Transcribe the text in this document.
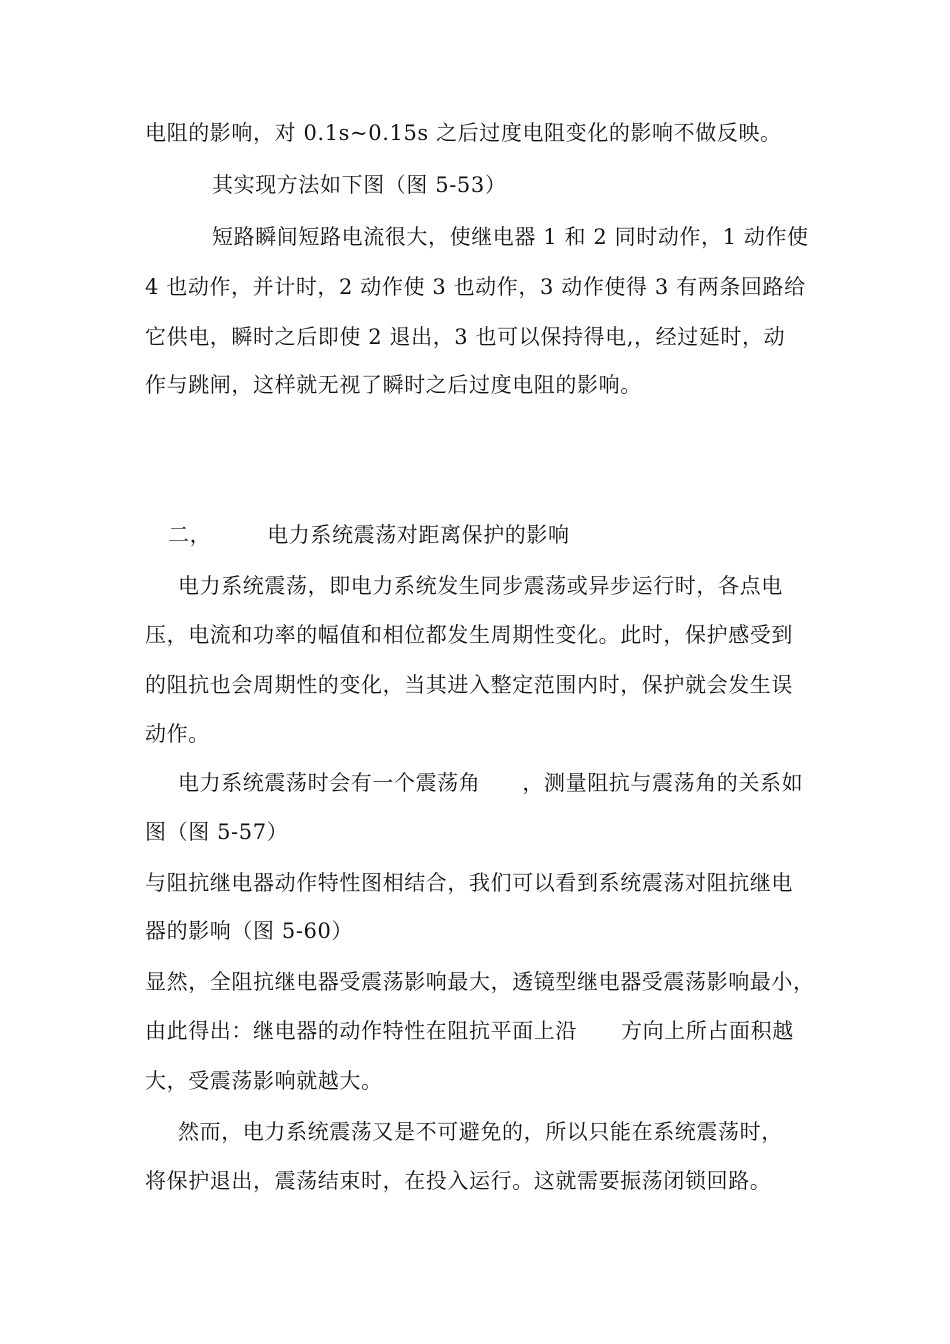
电阻的影响，对 0.1s~0.15s 之后过度电阻变化的影响不做反映。
其实现方法如下图（图 5-53）
短路瞬间短路电流很大，使继电器 1 和 2 同时动作，1 动作使
4 也动作，并计时，2 动作使 3 也动作，3 动作使得 3 有两条回路给
它供电，瞬时之后即使 2 退出，3 也可以保持得电,，经过延时，动
作与跳闸，这样就无视了瞬时之后过度电阻的影响。
二，	电力系统震荡对距离保护的影响
电力系统震荡，即电力系统发生同步震荡或异步运行时，各点电
压，电流和功率的幅值和相位都发生周期性变化。此时，保护感受到
的阻抗也会周期性的变化，当其进入整定范围内时，保护就会发生误
动作。
电力系统震荡时会有一个震荡角 ，测量阻抗与震荡角的关系如
图（图 5-57）
与阻抗继电器动作特性图相结合，我们可以看到系统震荡对阻抗继电
器的影响（图 5-60）
显然，全阻抗继电器受震荡影响最大，透镜型继电器受震荡影响最小，
由此得出：继电器的动作特性在阻抗平面上沿 方向上所占面积越
大，受震荡影响就越大。
然而，电力系统震荡又是不可避免的，所以只能在系统震荡时，
将保护退出，震荡结束时，在投入运行。这就需要振荡闭锁回路。
